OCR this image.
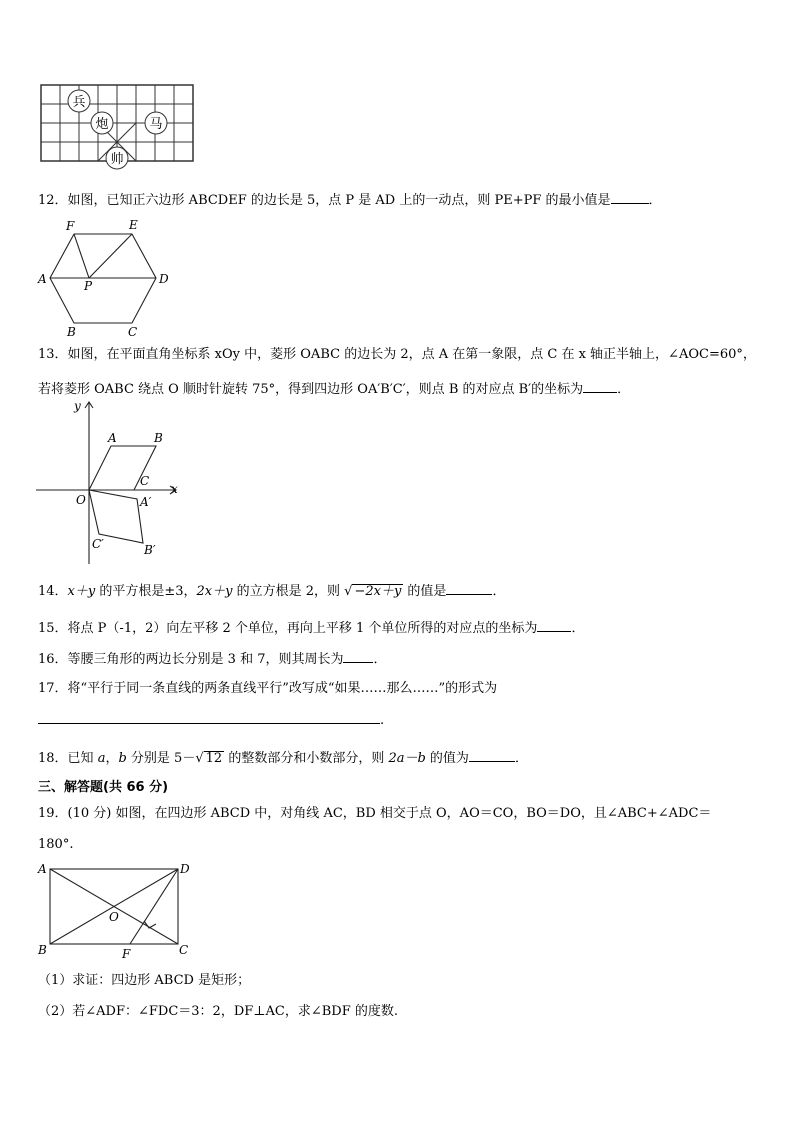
兵
炮	马
帅
12．如图，已知正六边形 ABCDEF 的边长是 5，点 P 是 AD 上的一动点，则 PE+PF 的最小值是	．
A
B	C
D
E
F
P
13．如图，在平面直角坐标系 xOy 中，菱形 OABC 的边长为 2，点 A 在第一象限，点 C 在 x 轴正半轴上，∠AOC=60°，
若将菱形 OABC 绕点 O 顺时针旋转 75°，得到四边形 OA′B′C′，则点 B 的对应点 B′的坐标为	．
y
x
O
A	B
C
A′
B′
C′
14．x＋y 的平方根是±3，2x＋y 的立方根是 2，则 √ −2x＋y 的值是	．
15．将点 P（-1，2）向左平移 2 个单位，再向上平移 1 个单位所得的对应点的坐标为	．
16．等腰三角形的两边长分别是 3 和 7，则其周长为 ．
17．将“平行于同一条直线的两条直线平行”改写成“如果……那么……”的形式为
.
18．已知 a，b 分别是 5－√ 12 的整数部分和小数部分，则 2a－b 的值为	．
三、解答题(共 66 分)
19．(10 分) 如图，在四边形 ABCD 中，对角线 AC，BD 相交于点 O，AO＝CO，BO＝DO，且∠ABC+∠ADC＝
180°.
A
B	C
D
O
F
（1）求证：四边形 ABCD 是矩形；
（2）若∠ADF：∠FDC＝3：2，DF⊥AC，求∠BDF 的度数.
